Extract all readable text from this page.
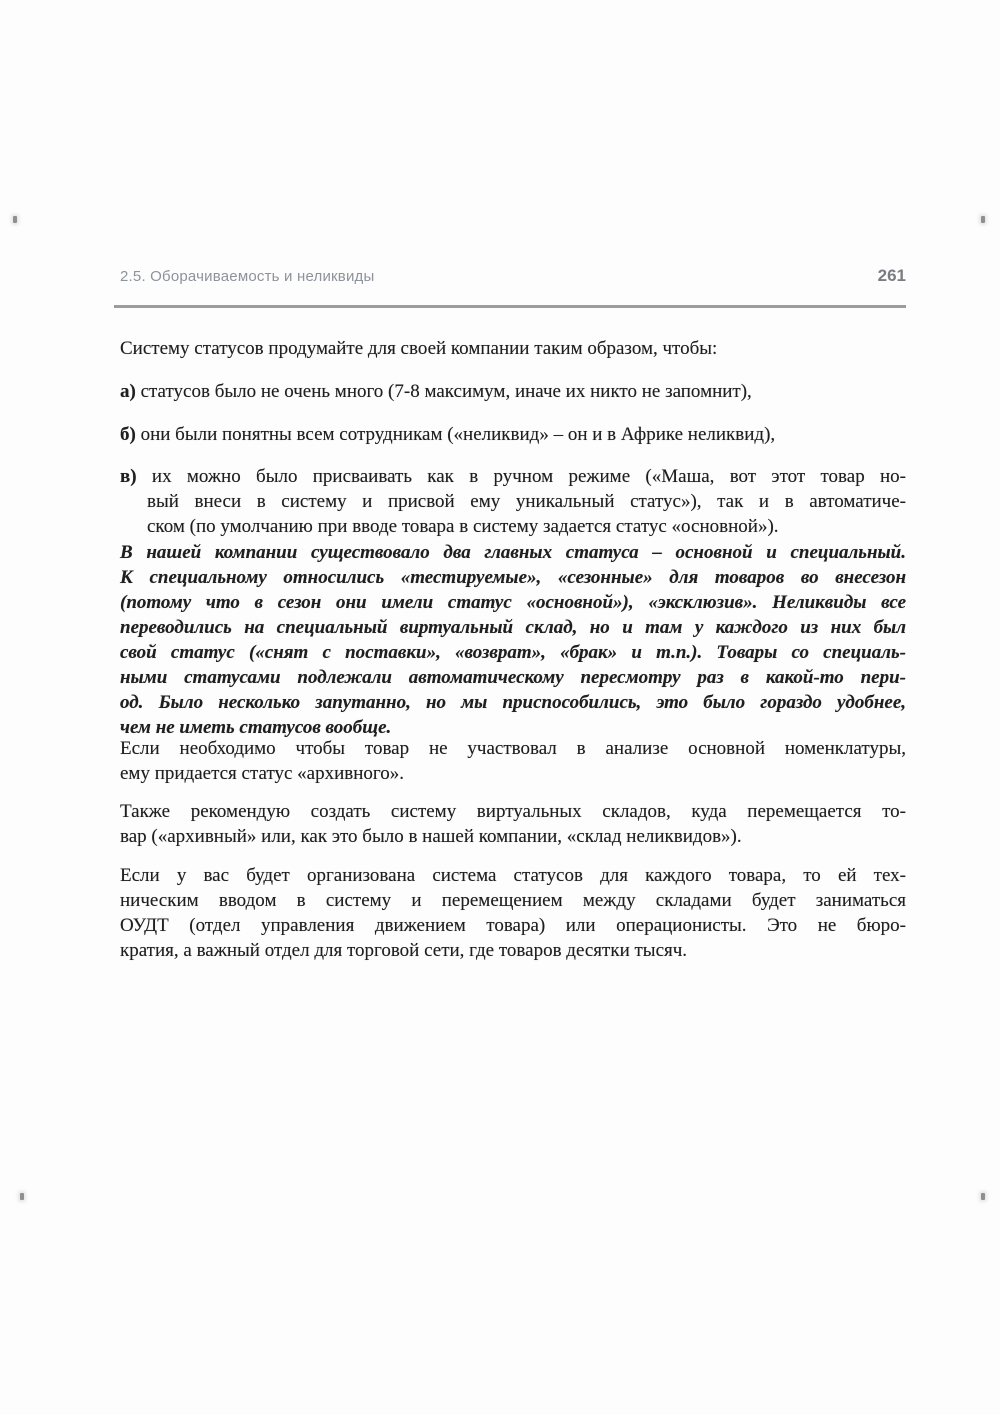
2.5. Оборачиваемость и неликвиды	261
Систему статусов продумайте для своей компании таким образом, чтобы:
а) статусов было не очень много (7-8 максимум, иначе их никто не запомнит),
б) они были понятны всем сотрудникам («неликвид» – он и в Африке неликвид),
в) их можно было присваивать как в ручном режиме («Маша, вот этот товар но-
вый внеси в систему и присвой ему уникальный статус»), так и в автоматиче-
ском (по умолчанию при вводе товара в систему задается статус «основной»).
В нашей компании существовало два главных статуса – основной и специальный.
К специальному относились «тестируемые», «сезонные» для товаров во внесезон
(потому что в сезон они имели статус «основной»), «эксклюзив». Неликвиды все
переводились на специальный виртуальный склад, но и там у каждого из них был
свой статус («снят с поставки», «возврат», «брак» и т.п.). Товары со специаль-
ными статусами подлежали автоматическому пересмотру раз в какой-то пери-
од. Было несколько запутанно, но мы приспособились, это было гораздо удобнее,
чем не иметь статусов вообще.
Если необходимо чтобы товар не участвовал в анализе основной номенклатуры,
ему придается статус «архивного».
Также рекомендую создать систему виртуальных складов, куда перемещается то-
вар («архивный» или, как это было в нашей компании, «склад неликвидов»).
Если у вас будет организована система статусов для каждого товара, то ей тех-
ническим вводом в систему и перемещением между складами будет заниматься
ОУДТ (отдел управления движением товара) или операционисты. Это не бюро-
кратия, а важный отдел для торговой сети, где товаров десятки тысяч.
